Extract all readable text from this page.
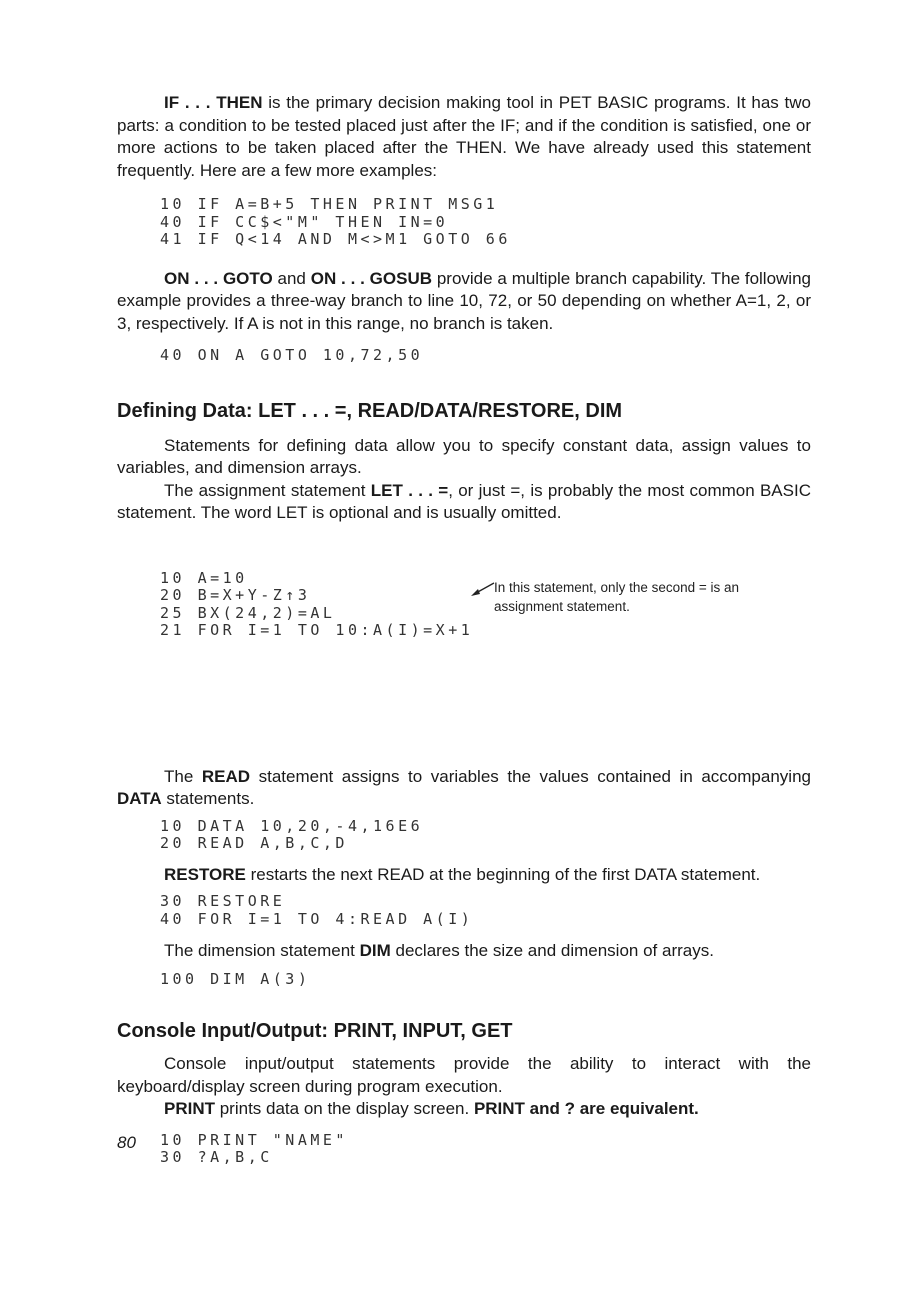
IF . . . THEN is the primary decision making tool in PET BASIC programs. It has two parts: a condition to be tested placed just after the IF; and if the condition is satisfied, one or more actions to be taken placed after the THEN. We have already used this statement frequently. Here are a few more examples:
10 IF A=B+5 THEN PRINT MSG1
40 IF CC$<"M" THEN IN=0
41 IF Q<14 AND M<>M1 GOTO 66
ON . . . GOTO and ON . . . GOSUB provide a multiple branch capability. The following example provides a three-way branch to line 10, 72, or 50 depending on whether A=1, 2, or 3, respectively. If A is not in this range, no branch is taken.
40 ON A GOTO 10,72,50
Defining Data: LET . . . =, READ/DATA/RESTORE, DIM
Statements for defining data allow you to specify constant data, assign values to variables, and dimension arrays.
The assignment statement LET . . . =, or just =, is probably the most common BASIC statement. The word LET is optional and is usually omitted.

10 A=10
20 B=X+Y-Z↑3
25 BX(24,2)=AL
21 FOR I=1 TO 10:A(I)=X+1

In this statement, only the second = is an
assignment statement.

The READ statement assigns to variables the values contained in accompanying DATA statements.
10 DATA 10,20,-4,16E6
20 READ A,B,C,D
RESTORE restarts the next READ at the beginning of the first DATA statement.
30 RESTORE
40 FOR I=1 TO 4:READ A(I)
The dimension statement DIM declares the size and dimension of arrays.
100 DIM A(3)
Console Input/Output: PRINT, INPUT, GET
Console input/output statements provide the ability to interact with the keyboard/display screen during program execution.
PRINT prints data on the display screen. PRINT and ? are equivalent.
10 PRINT "NAME"
30 ?A,B,C
80
